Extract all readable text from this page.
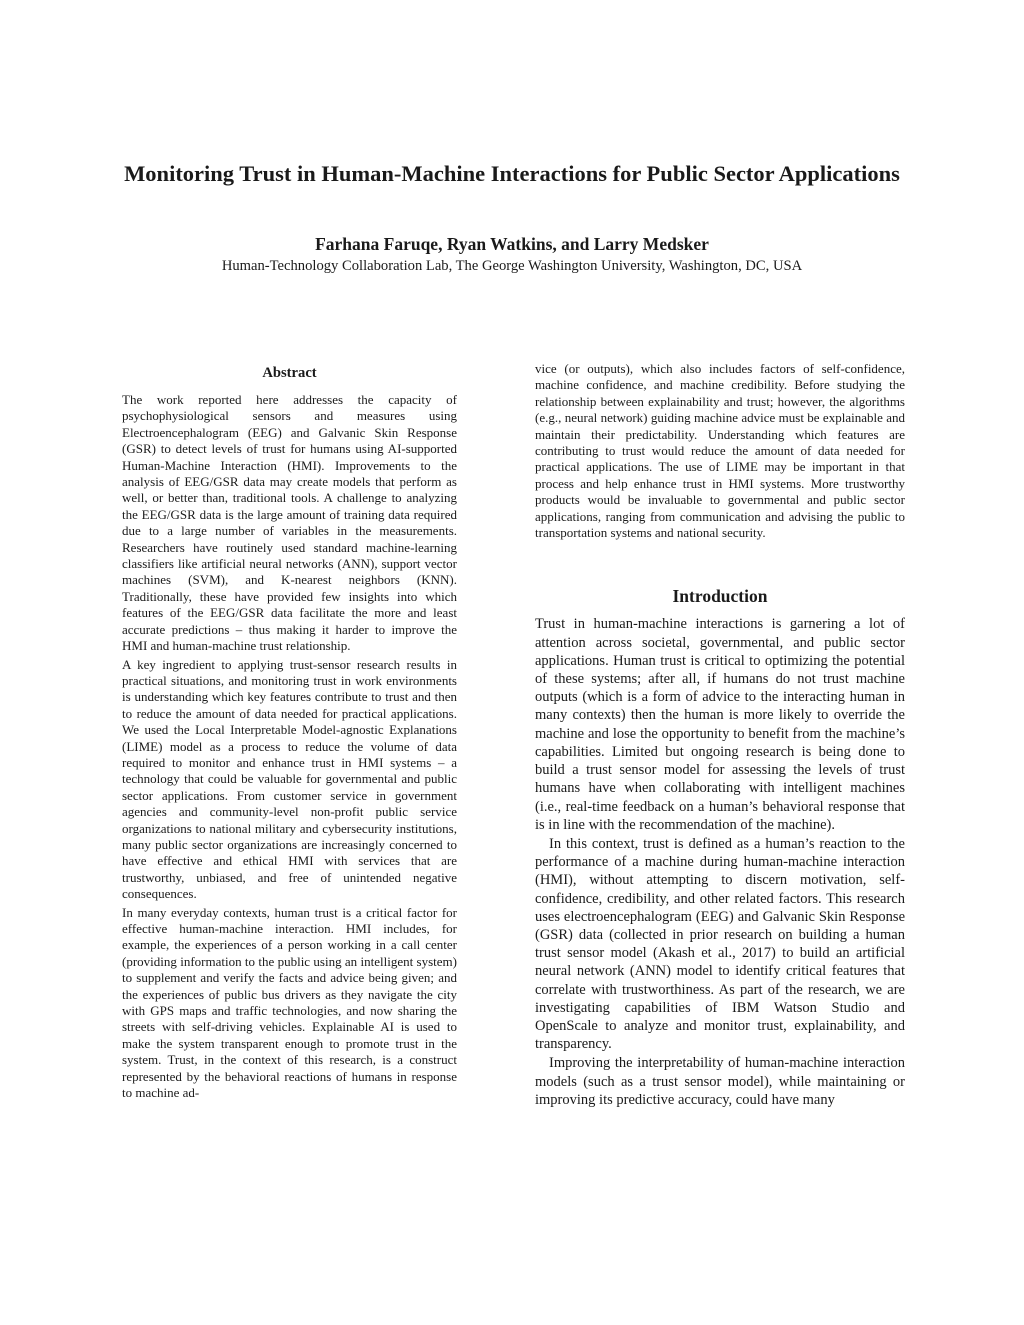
Monitoring Trust in Human-Machine Interactions for Public Sector Applications
Farhana Faruqe, Ryan Watkins, and Larry Medsker
Human-Technology Collaboration Lab, The George Washington University, Washington, DC, USA
Abstract

The work reported here addresses the capacity of psychophysiological sensors and measures using Electroencephalogram (EEG) and Galvanic Skin Response (GSR) to detect levels of trust for humans using AI-supported Human-Machine Interaction (HMI). Improvements to the analysis of EEG/GSR data may create models that perform as well, or better than, traditional tools. A challenge to analyzing the EEG/GSR data is the large amount of training data required due to a large number of variables in the measurements. Researchers have routinely used standard machine-learning classifiers like artificial neural networks (ANN), support vector machines (SVM), and K-nearest neighbors (KNN). Traditionally, these have provided few insights into which features of the EEG/GSR data facilitate the more and least accurate predictions – thus making it harder to improve the HMI and human-machine trust relationship.

A key ingredient to applying trust-sensor research results in practical situations, and monitoring trust in work environments is understanding which key features contribute to trust and then to reduce the amount of data needed for practical applications. We used the Local Interpretable Model-agnostic Explanations (LIME) model as a process to reduce the volume of data required to monitor and enhance trust in HMI systems – a technology that could be valuable for governmental and public sector applications. From customer service in government agencies and community-level non-profit public service organizations to national military and cybersecurity institutions, many public sector organizations are increasingly concerned to have effective and ethical HMI with services that are trustworthy, unbiased, and free of unintended negative consequences.

In many everyday contexts, human trust is a critical factor for effective human-machine interaction. HMI includes, for example, the experiences of a person working in a call center (providing information to the public using an intelligent system) to supplement and verify the facts and advice being given; and the experiences of public bus drivers as they navigate the city with GPS maps and traffic technologies, and now sharing the streets with self-driving vehicles. Explainable AI is used to make the system transparent enough to promote trust in the system. Trust, in the context of this research, is a construct represented by the behavioral reactions of humans in response to machine ad-

vice (or outputs), which also includes factors of self-confidence, machine confidence, and machine credibility. Before studying the relationship between explainability and trust; however, the algorithms (e.g., neural network) guiding machine advice must be explainable and maintain their predictability. Understanding which features are contributing to trust would reduce the amount of data needed for practical applications. The use of LIME may be important in that process and help enhance trust in HMI systems. More trustworthy products would be invaluable to governmental and public sector applications, ranging from communication and advising the public to transportation systems and national security.

Introduction

Trust in human-machine interactions is garnering a lot of attention across societal, governmental, and public sector applications. Human trust is critical to optimizing the potential of these systems; after all, if humans do not trust machine outputs (which is a form of advice to the interacting human in many contexts) then the human is more likely to override the machine and lose the opportunity to benefit from the machine’s capabilities. Limited but ongoing research is being done to build a trust sensor model for assessing the levels of trust humans have when collaborating with intelligent machines (i.e., real-time feedback on a human’s behavioral response that is in line with the recommendation of the machine).

In this context, trust is defined as a human’s reaction to the performance of a machine during human-machine interaction (HMI), without attempting to discern motivation, self-confidence, credibility, and other related factors. This research uses electroencephalogram (EEG) and Galvanic Skin Response (GSR) data (collected in prior research on building a human trust sensor model (Akash et al., 2017) to build an artificial neural network (ANN) model to identify critical features that correlate with trustworthiness. As part of the research, we are investigating capabilities of IBM Watson Studio and OpenScale to analyze and monitor trust, explainability, and transparency.

Improving the interpretability of human-machine interaction models (such as a trust sensor model), while maintaining or improving its predictive accuracy, could have many
